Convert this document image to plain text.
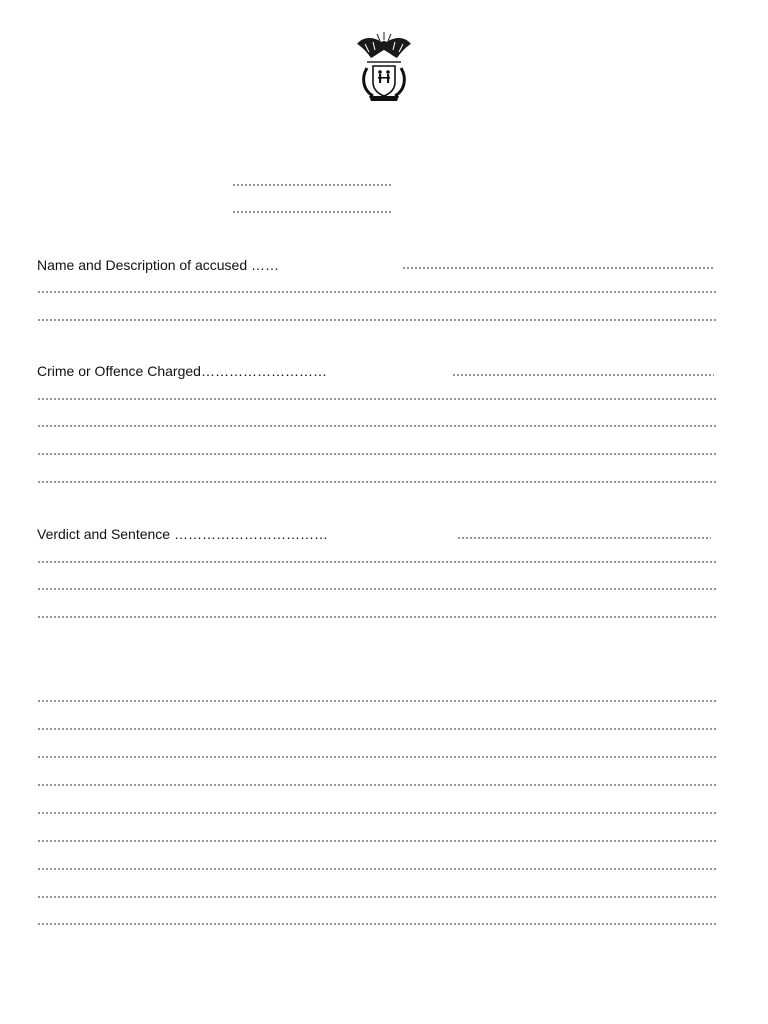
Name and Description of accused ……
Crime or Offence Charged………………………
Verdict and Sentence ……………………………
